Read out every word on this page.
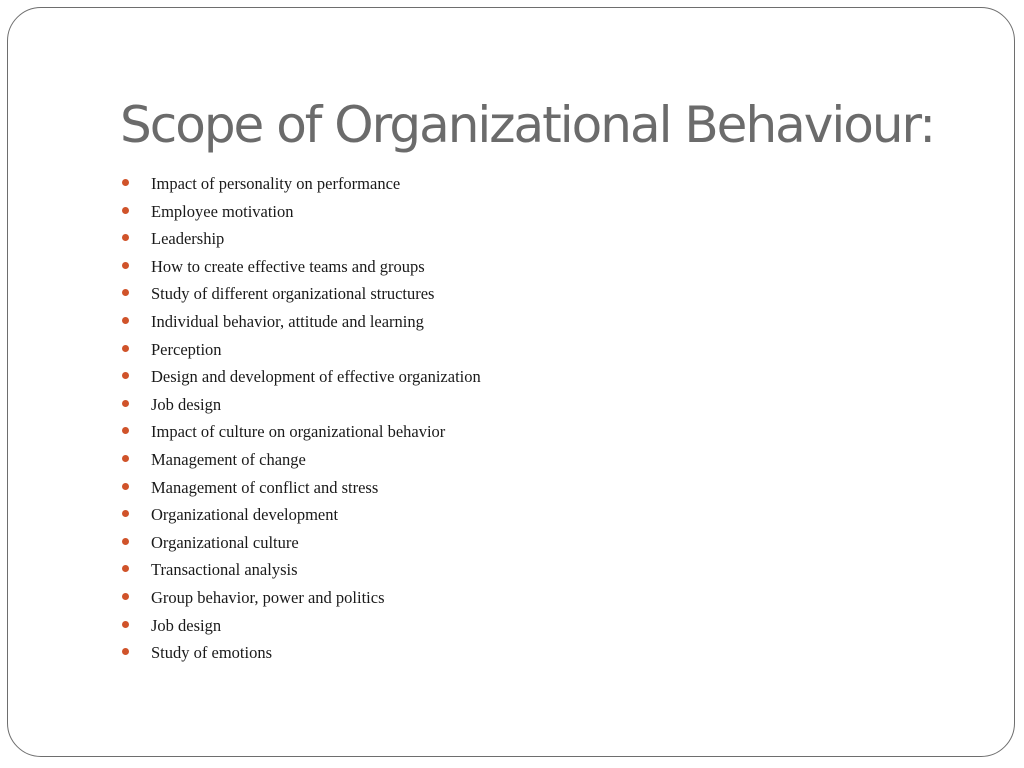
Scope of Organizational Behaviour:
Impact of personality on performance
Employee motivation
Leadership
How to create effective teams and groups
Study of different organizational structures
Individual behavior, attitude and learning
Perception
Design and development of effective organization
Job design
Impact of culture on organizational behavior
Management of change
Management of conflict and stress
Organizational development
Organizational culture
Transactional analysis
Group behavior, power and politics
Job design
Study of emotions
